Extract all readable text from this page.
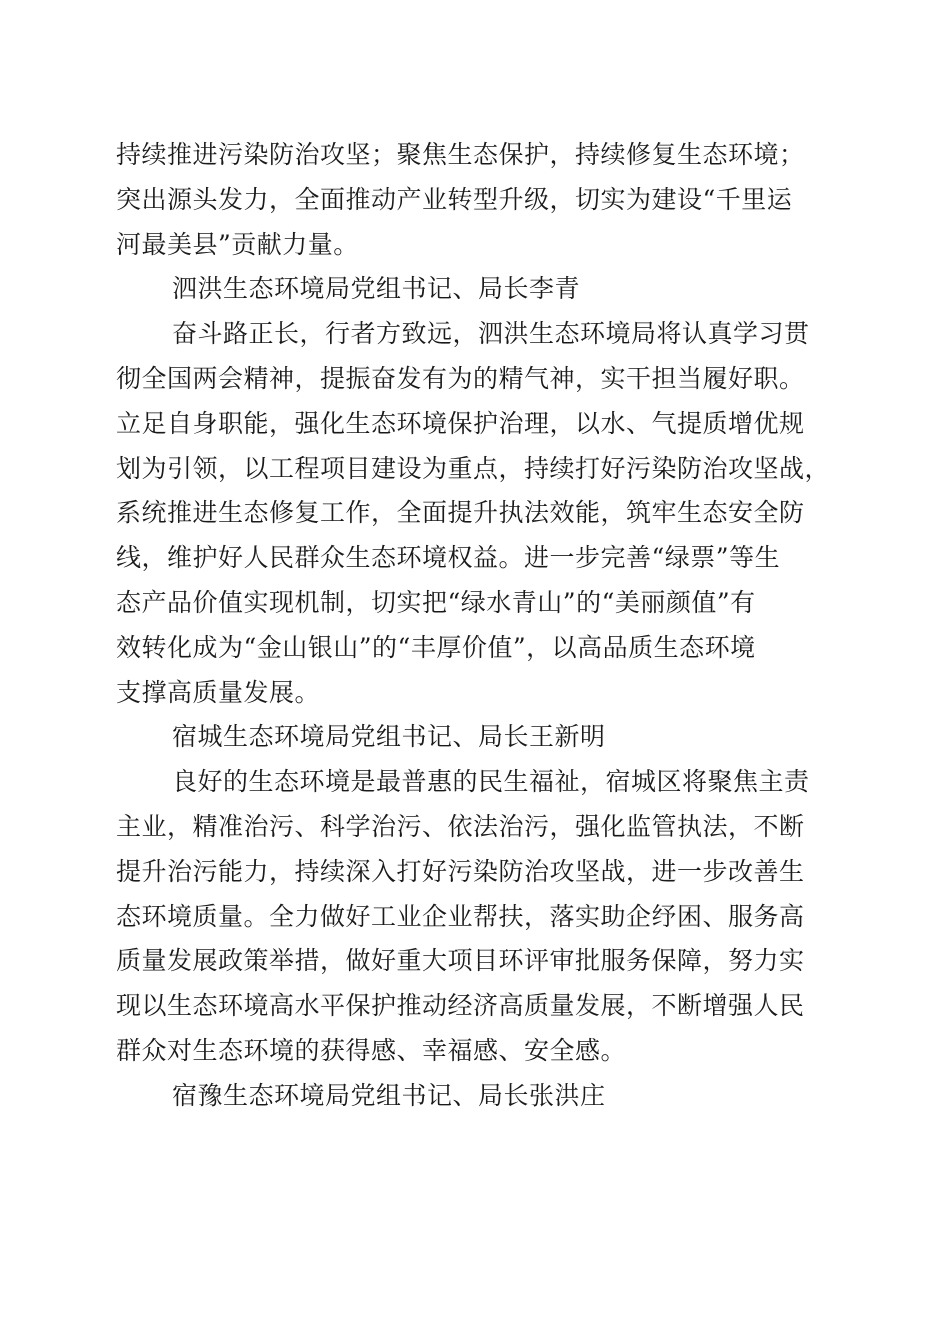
持续推进污染防治攻坚；聚焦生态保护，持续修复生态环境；
突出源头发力，全面推动产业转型升级，切实为建设“千里运
河最美县”贡献力量。
泗洪生态环境局党组书记、局长李青
奋斗路正长，行者方致远，泗洪生态环境局将认真学习贯
彻全国两会精神，提振奋发有为的精气神，实干担当履好职。
立足自身职能，强化生态环境保护治理，以水、气提质增优规
划为引领，以工程项目建设为重点，持续打好污染防治攻坚战，
系统推进生态修复工作，全面提升执法效能，筑牢生态安全防
线，维护好人民群众生态环境权益。进一步完善“绿票”等生
态产品价值实现机制，切实把“绿水青山”的“美丽颜值”有
效转化成为“金山银山”的“丰厚价值”，以高品质生态环境
支撑高质量发展。
宿城生态环境局党组书记、局长王新明
良好的生态环境是最普惠的民生福祉，宿城区将聚焦主责
主业，精准治污、科学治污、依法治污，强化监管执法，不断
提升治污能力，持续深入打好污染防治攻坚战，进一步改善生
态环境质量。全力做好工业企业帮扶，落实助企纾困、服务高
质量发展政策举措，做好重大项目环评审批服务保障，努力实
现以生态环境高水平保护推动经济高质量发展，不断增强人民
群众对生态环境的获得感、幸福感、安全感。
宿豫生态环境局党组书记、局长张洪庄
